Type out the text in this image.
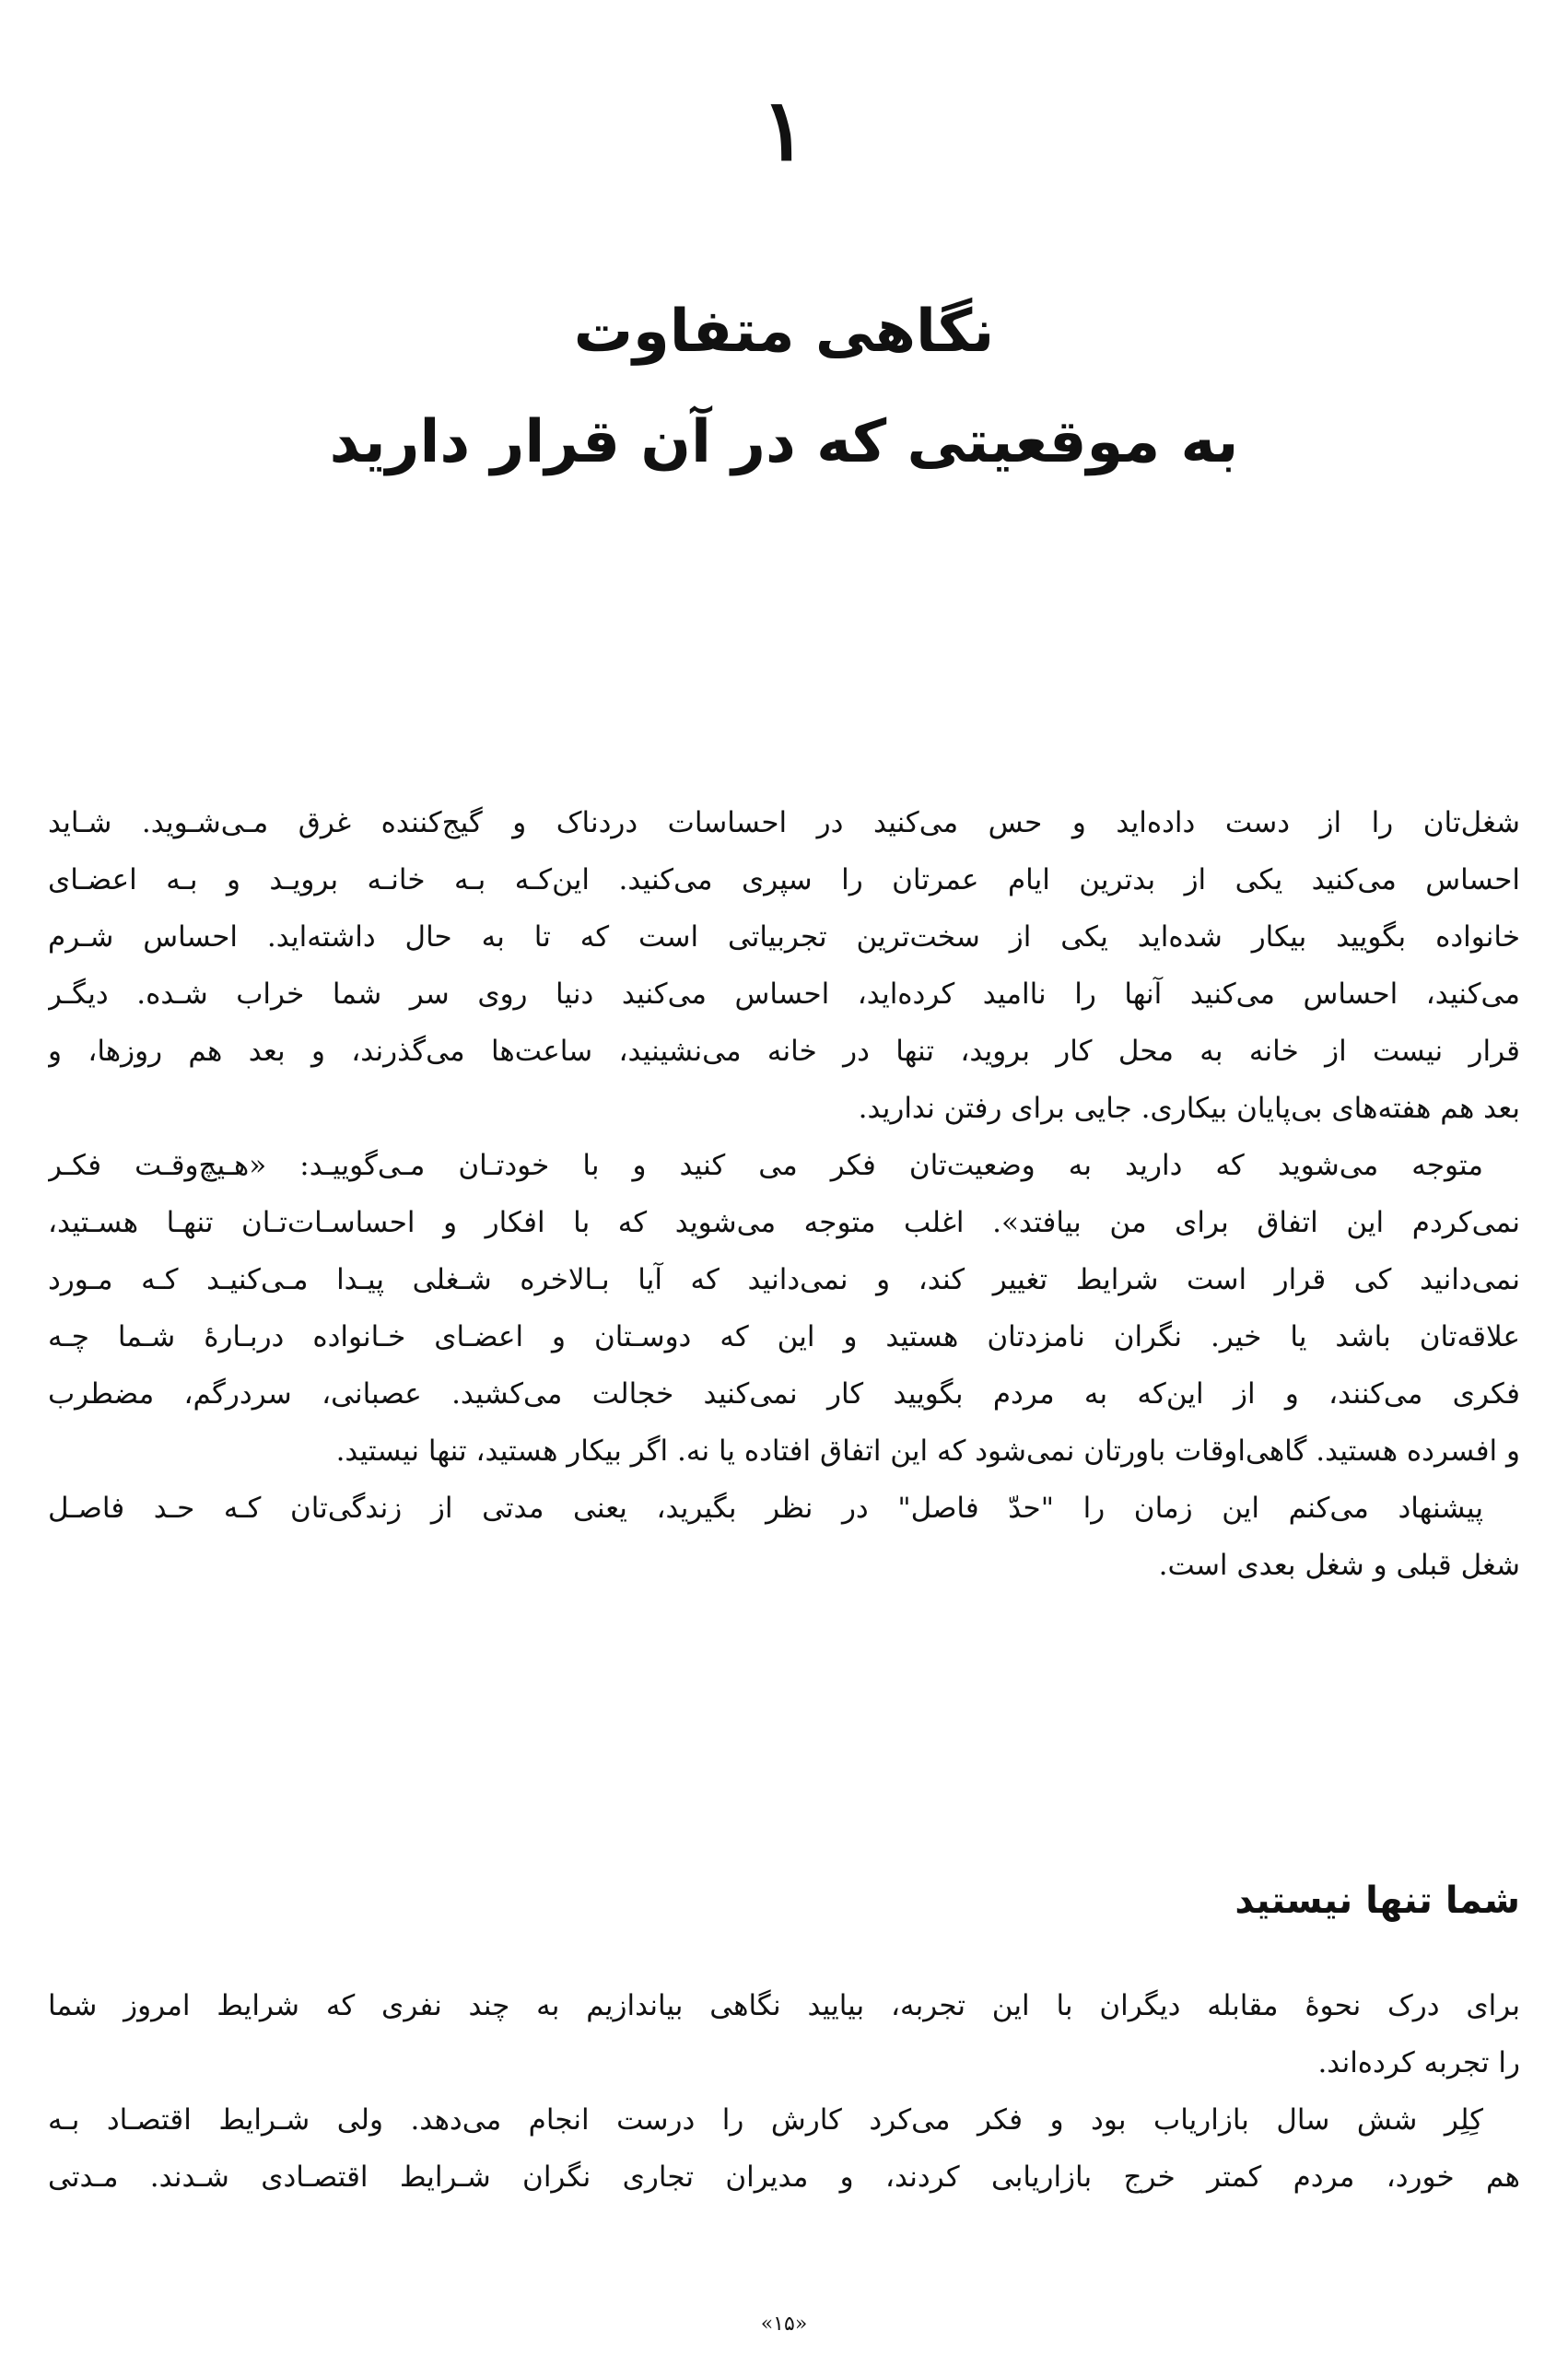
۱
نگاهی متفاوت
به موقعیتی که در آن قرار دارید
شغل‌تان را از دست داده‌اید و حس می‌کنید در احساسات دردناک و گیج‌کننده غرق مـی‌شـوید. شـاید
احساس می‌کنید یکی از بدترین ایام عمرتان را سپری می‌کنید. این‌کـه بـه خانـه برویـد و بـه اعضـای
خانواده بگویید بیکار شده‌اید یکی از سخت‌ترین تجربیاتی است که تا به حال داشته‌اید. احساس شـرم
می‌کنید، احساس می‌کنید آنها را ناامید کرده‌اید، احساس می‌کنید دنیا روی سر شما خراب شـده. دیگـر
قرار نیست از خانه به محل کار بروید، تنها در خانه می‌نشینید، ساعت‌ها می‌گذرند، و بعد هم روزها، و
بعد هم هفته‌های بی‌پایان بیکاری. جایی برای رفتن ندارید.
متوجه می‌شوید که دارید به وضعیت‌تان فکر می کنید و با خودتـان مـی‌گوییـد: «هـیچ‌وقـت فکـر
نمی‌کردم این اتفاق برای من بیافتد». اغلب متوجه می‌شوید که با افکار و احساسـات‌تـان تنهـا هسـتید،
نمی‌دانید کی قرار است شرایط تغییر کند، و نمی‌دانید که آیا بـالاخره شـغلی پیـدا مـی‌کنیـد کـه مـورد
علاقه‌تان باشد یا خیر. نگران نامزدتان هستید و این که دوسـتان و اعضـای خـانواده دربـارۀ شـما چـه
فکری می‌کنند، و از این‌که به مردم بگویید کار نمی‌کنید خجالت می‌کشید. عصبانی، سردرگم، مضطرب
و افسرده هستید. گاهی‌اوقات باورتان نمی‌شود که این اتفاق افتاده یا نه. اگر بیکار هستید، تنها نیستید.
پیشنهاد می‌کنم این زمان را "حدّ فاصل" در نظر بگیرید، یعنی مدتی از زندگی‌تان کـه حـد فاصـل
شغل قبلی و شغل بعدی است.
شما تنها نیستید
برای درک نحوۀ مقابله دیگران با این تجربه، بیایید نگاهی بیاندازیم به چند نفری که شرایط امروز شما
را تجربه کرده‌اند.
کِلِر شش سال بازاریاب بود و فکر می‌کرد کارش را درست انجام می‌دهد. ولی شـرایط اقتصـاد بـه
هم خورد، مردم کمتر خرج بازاریابی کردند، و مدیران تجاری نگران شـرایط اقتصـادی شـدند. مـدتی
«۱۵»
